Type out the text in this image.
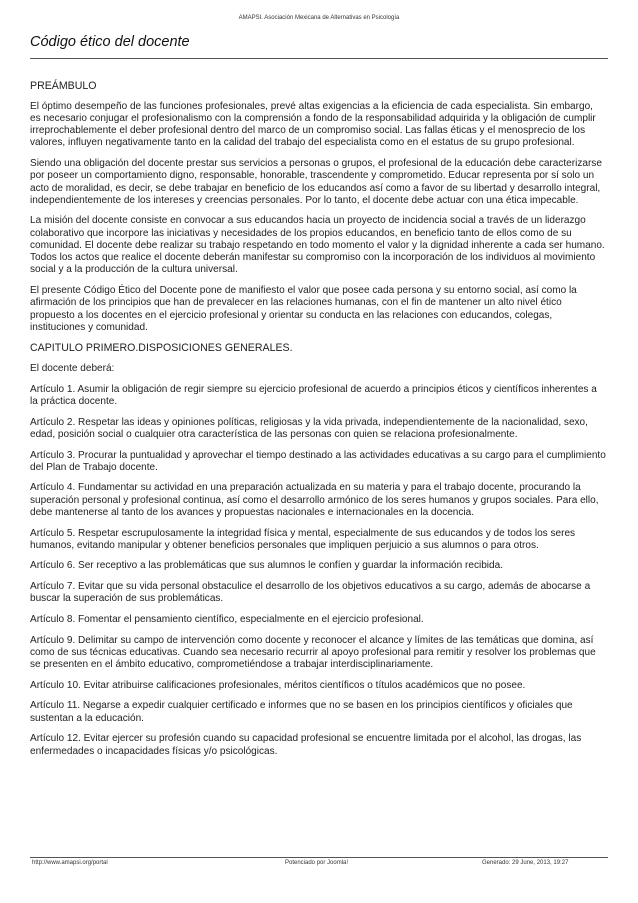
AMAPSI. Asociación Mexicana de Alternativas en Psicología
Código ético del docente

PREÁMBULO

El óptimo desempeño de las funciones profesionales, prevé altas exigencias a la eficiencia de cada especialista. Sin embargo, es necesario conjugar el profesionalismo con la comprensión a fondo de la responsabilidad adquirida y la obligación de cumplir irreprochablemente el deber profesional dentro del marco de un compromiso social. Las fallas éticas y el menosprecio de los valores, influyen negativamente tanto en la calidad del trabajo del especialista como en el estatus de su grupo profesional.

Siendo una obligación del docente prestar sus servicios a personas o grupos, el profesional de la educación debe caracterizarse por poseer un comportamiento digno, responsable, honorable, trascendente y comprometido. Educar representa por sí solo un acto de moralidad, es decir, se debe trabajar en beneficio de los educandos así como a favor de su libertad y desarrollo integral, independientemente de los intereses y creencias personales. Por lo tanto, el docente debe actuar con una ética impecable.

La misión del docente consiste en convocar a sus educandos hacia un proyecto de incidencia social a través de un liderazgo colaborativo que incorpore las iniciativas y necesidades de los propios educandos, en beneficio tanto de ellos como de su comunidad. El docente debe realizar su trabajo respetando en todo momento el valor y la dignidad inherente a cada ser humano. Todos los actos que realice el docente deberán manifestar su compromiso con la incorporación de los individuos al movimiento social y a la producción de la cultura universal.

El presente Código Ético del Docente pone de manifiesto el valor que posee cada persona y su entorno social, así como la afirmación de los principios que han de prevalecer en las relaciones humanas, con el fin de mantener un alto nivel ético propuesto a los docentes en el ejercicio profesional y orientar su conducta en las relaciones con educandos, colegas, instituciones y comunidad.

CAPITULO PRIMERO.DISPOSICIONES GENERALES.

El docente deberá:

Artículo 1. Asumir la obligación de regir siempre su ejercicio profesional de acuerdo a principios éticos y científicos inherentes a la práctica docente.

Artículo 2. Respetar las ideas y opiniones políticas, religiosas y la vida privada, independientemente de la nacionalidad, sexo, edad, posición social o cualquier otra característica de las personas con quien se relaciona profesionalmente.

Artículo 3. Procurar la puntualidad y aprovechar el tiempo destinado a las actividades educativas a su cargo para el cumplimiento del Plan de Trabajo docente.

Artículo 4. Fundamentar su actividad en una preparación actualizada en su materia y para el trabajo docente, procurando la superación personal y profesional continua, así como el desarrollo armónico de los seres humanos y grupos sociales. Para ello, debe mantenerse al tanto de los avances y propuestas nacionales e internacionales en la docencia.

Artículo 5. Respetar escrupulosamente la integridad física y mental, especialmente de sus educandos y de todos los seres humanos, evitando manipular y obtener beneficios personales que impliquen perjuicio a sus alumnos o para otros.

Artículo 6. Ser receptivo a las problemáticas que sus alumnos le confíen y guardar la información recibida.

Artículo 7. Evitar que su vida personal obstaculice el desarrollo de los objetivos educativos a su cargo, además de abocarse a buscar la superación de sus problemáticas.

Artículo 8. Fomentar el pensamiento científico, especialmente en el ejercicio profesional.

Artículo 9. Delimitar su campo de intervención como docente y reconocer el alcance y límites de las temáticas que domina, así como de sus técnicas educativas. Cuando sea necesario recurrir al apoyo profesional para remitir y resolver los problemas que se presenten en el ámbito educativo, comprometiéndose a trabajar interdisciplinariamente.

Artículo 10. Evitar atribuirse calificaciones profesionales, méritos científicos o títulos académicos que no posee.

Artículo 11. Negarse a expedir cualquier certificado e informes que no se basen en los principios científicos y oficiales que sustentan a la educación.

Artículo 12. Evitar ejercer su profesión cuando su capacidad profesional se encuentre limitada por el alcohol, las drogas, las enfermedades o incapacidades físicas y/o psicológicas.

http://www.amapsi.org/portal	Potenciado por Joomla!	Generado: 29 June, 2013, 19:27
